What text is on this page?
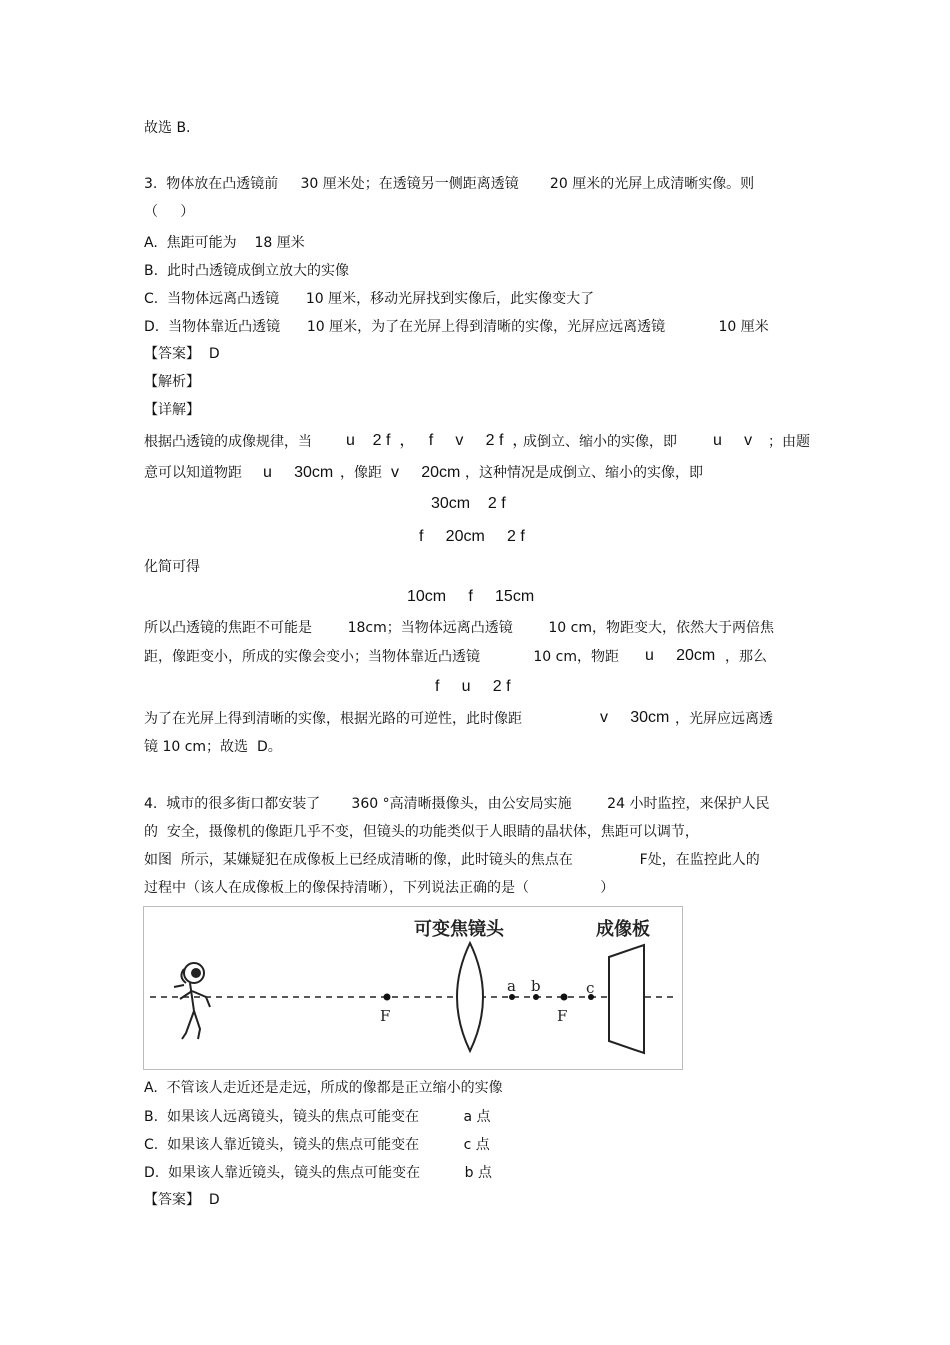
故选 B.
3.  物体放在凸透镜前     30 厘米处；在透镜另一侧距离透镜       20 厘米的光屏上成清晰实像。则
（     ）
A.  焦距可能为    18 厘米
B.  此时凸透镜成倒立放大的实像
C.  当物体远离凸透镜      10 厘米，移动光屏找到实像后，此实像变大了
D.  当物体靠近凸透镜      10 厘米，为了在光屏上得到清晰的实像，光屏应远离透镜            10 厘米
【答案】  D
【解析】
【详解】
根据凸透镜的成像规律，当 u    2 f  ，   f     v     2 f  ，
成倒立、缩小的实像，即 u     v ；由题
意可以知道物距 u     30cm ，像距 v     20cm ，这种情况是成倒立、缩小的实像，即
30cm    2 f
f     20cm     2 f
化简可得
10cm     f     15cm
所以凸透镜的焦距不可能是        18cm；当物体远离凸透镜        10 cm，物距变大，依然大于两倍焦
距，像距变小，所成的实像会变小；当物体靠近凸透镜            10 cm，物距 u     20cm ，那么
f     u     2 f
为了在光屏上得到清晰的实像，根据光路的可逆性，此时像距	v     30cm ，光屏应远离透
镜 10 cm；故选  D。
4.  城市的很多街口都安装了       360 °高清晰摄像头，由公安局实施        24 小时监控，来保护人民
的  安全，摄像机的像距几乎不变，但镜头的功能类似于人眼睛的晶状体，焦距可以调节，
如图  所示，某嫌疑犯在成像板上已经成清晰的像，此时镜头的焦点在               F处，在监控此人的
过程中（该人在成像板上的像保持清晰），下列说法正确的是（                ）
F
可变焦镜头
a b
F
c
成像板
A.  不管该人走近还是走远，所成的像都是正立缩小的实像
B.  如果该人远离镜头，镜头的焦点可能变在          a 点
C.  如果该人靠近镜头，镜头的焦点可能变在          c 点
D.  如果该人靠近镜头，镜头的焦点可能变在          b 点
【答案】  D
